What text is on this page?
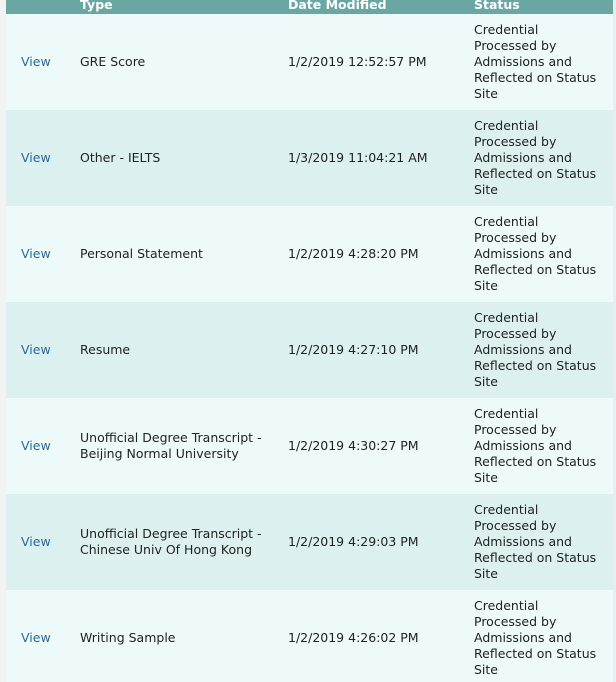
	Type	Date Modified	Status
View	GRE Score	1/2/2019 12:52:57 PM	Credential Processed by Admissions and Reflected on Status Site
View	Other - IELTS	1/3/2019 11:04:21 AM	Credential Processed by Admissions and Reflected on Status Site
View	Personal Statement	1/2/2019 4:28:20 PM	Credential Processed by Admissions and Reflected on Status Site
View	Resume	1/2/2019 4:27:10 PM	Credential Processed by Admissions and Reflected on Status Site
View	Unofficial Degree Transcript - Beijing Normal University	1/2/2019 4:30:27 PM	Credential Processed by Admissions and Reflected on Status Site
View	Unofficial Degree Transcript - Chinese Univ Of Hong Kong	1/2/2019 4:29:03 PM	Credential Processed by Admissions and Reflected on Status Site
View	Writing Sample	1/2/2019 4:26:02 PM	Credential Processed by Admissions and Reflected on Status Site
